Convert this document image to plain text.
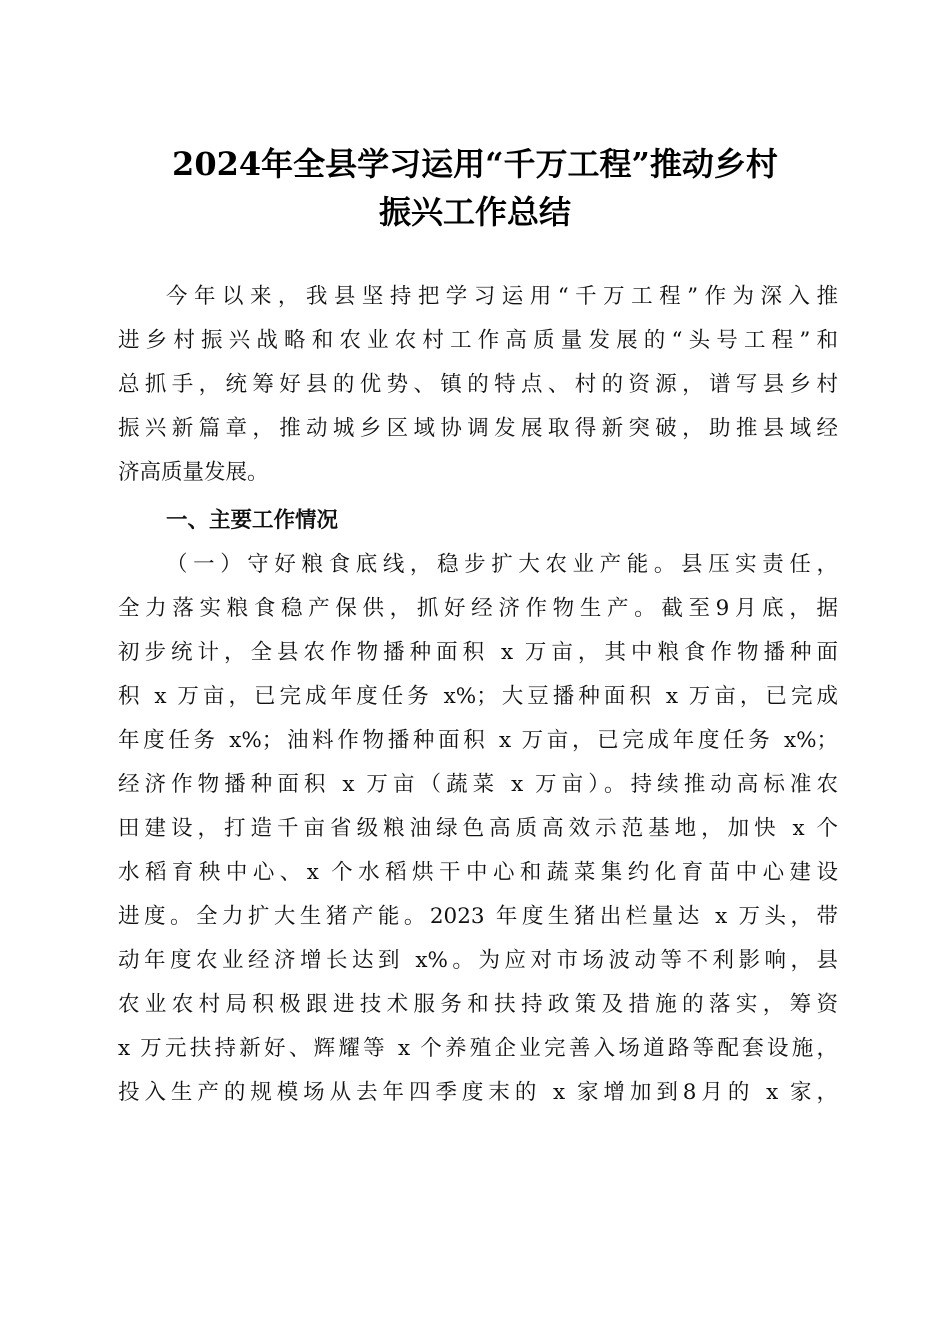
2024年全县学习运用“千万工程”推动乡村
振兴工作总结
今年以来，我县坚持把学习运用“千万工程”作为深入推
进乡村振兴战略和农业农村工作高质量发展的“头号工程”和
总抓手，统筹好县的优势、镇的特点、村的资源，谱写县乡村
振兴新篇章，推动城乡区域协调发展取得新突破，助推县域经
济高质量发展。
一、主要工作情况
（一）守好粮食底线，稳步扩大农业产能。县压实责任，
全力落实粮食稳产保供，抓好经济作物生产。截至9月底，据
初步统计，全县农作物播种面积 x 万亩，其中粮食作物播种面
积 x 万亩，已完成年度任务 x%；大豆播种面积 x 万亩，已完成
年度任务 x%；油料作物播种面积 x 万亩，已完成年度任务 x%；
经济作物播种面积 x 万亩（蔬菜 x 万亩）。持续推动高标准农
田建设，打造千亩省级粮油绿色高质高效示范基地，加快 x 个
水稻育秧中心、x 个水稻烘干中心和蔬菜集约化育苗中心建设
进度。全力扩大生猪产能。2023 年度生猪出栏量达 x 万头，带
动年度农业经济增长达到 x%。为应对市场波动等不利影响，县
农业农村局积极跟进技术服务和扶持政策及措施的落实，筹资
x 万元扶持新好、辉耀等 x 个养殖企业完善入场道路等配套设施，
投入生产的规模场从去年四季度末的 x 家增加到8月的 x 家，
